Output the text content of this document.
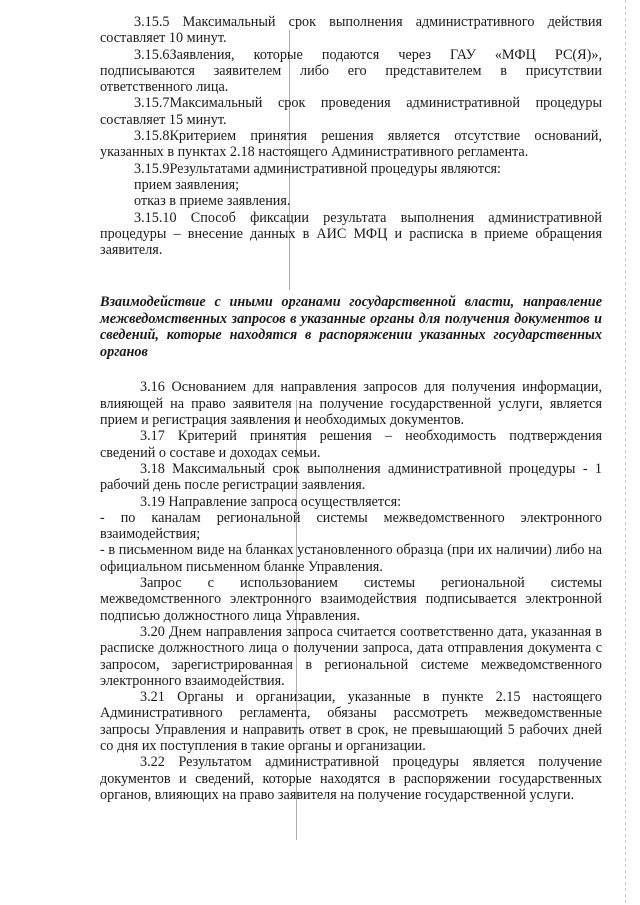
3.15.5 Максимальный срок выполнения административного действия составляет 10 минут.

3.15.6Заявления, которые подаются через ГАУ «МФЦ РС(Я)», подписываются заявителем либо его представителем в присутствии ответственного лица.

3.15.7Максимальный срок проведения административной процедуры составляет 15 минут.

3.15.8Критерием принятия решения является отсутствие оснований, указанных в пунктах 2.18 настоящего Административного регламента.

3.15.9Результатами административной процедуры являются:

прием заявления;

отказ в приеме заявления.

3.15.10 Способ фиксации результата выполнения административной процедуры – внесение данных в АИС МФЦ и расписка в приеме обращения заявителя.

Взаимодействие с иными органами государственной власти, направление межведомственных запросов в указанные органы для получения документов и сведений, которые находятся в распоряжении указанных государственных органов

3.16 Основанием для направления запросов для получения информации, влияющей на право заявителя на получение государственной услуги, является прием и регистрация заявления и необходимых документов.

3.17 Критерий принятия решения – необходимость подтверждения сведений о составе и доходах семьи.

3.18 Максимальный срок выполнения административной процедуры - 1 рабочий день после регистрации заявления.

3.19 Направление запроса осуществляется:

- по каналам региональной системы межведомственного электронного взаимодействия;

- в письменном виде на бланках установленного образца (при их наличии) либо на официальном письменном бланке Управления.

Запрос с использованием системы региональной системы межведомственного электронного взаимодействия подписывается электронной подписью должностного лица Управления.

3.20 Днем направления запроса считается соответственно дата, указанная в расписке должностного лица о получении запроса, дата отправления документа с запросом, зарегистрированная в региональной системе межведомственного электронного взаимодействия.

3.21 Органы и организации, указанные в пункте 2.15 настоящего Административного регламента, обязаны рассмотреть межведомственные запросы Управления и направить ответ в срок, не превышающий 5 рабочих дней со дня их поступления в такие органы и организации.

3.22 Результатом административной процедуры является получение документов и сведений, которые находятся в распоряжении государственных органов, влияющих на право заявителя на получение государственной услуги.
